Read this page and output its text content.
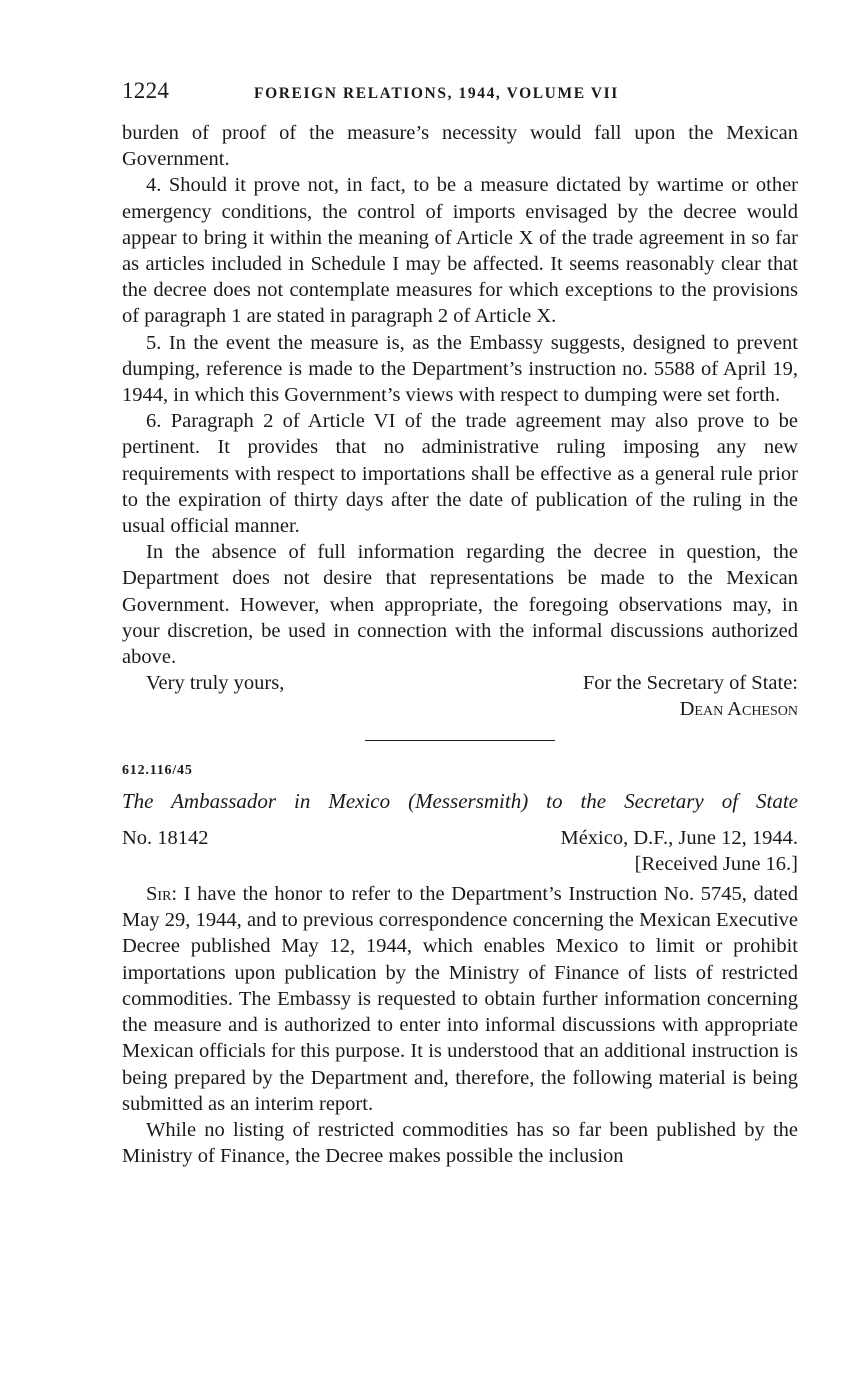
1224	FOREIGN RELATIONS, 1944, VOLUME VII

burden of proof of the measure’s necessity would fall upon the Mexican Government.

4. Should it prove not, in fact, to be a measure dictated by wartime or other emergency conditions, the control of imports envisaged by the decree would appear to bring it within the meaning of Article X of the trade agreement in so far as articles included in Schedule I may be affected. It seems reasonably clear that the decree does not contemplate measures for which exceptions to the provisions of paragraph 1 are stated in paragraph 2 of Article X.

5. In the event the measure is, as the Embassy suggests, designed to prevent dumping, reference is made to the Department’s instruction no. 5588 of April 19, 1944, in which this Government’s views with respect to dumping were set forth.

6. Paragraph 2 of Article VI of the trade agreement may also prove to be pertinent. It provides that no administrative ruling imposing any new requirements with respect to importations shall be effective as a general rule prior to the expiration of thirty days after the date of publication of the ruling in the usual official manner.

In the absence of full information regarding the decree in question, the Department does not desire that representations be made to the Mexican Government. However, when appropriate, the foregoing observations may, in your discretion, be used in connection with the informal discussions authorized above.

Very truly yours,	For the Secretary of State:
Dean Acheson
612.116/45
The Ambassador in Mexico (Messersmith) to the Secretary of State
No. 18142	México, D.F., June 12, 1944.
[Received June 16.]

Sir: I have the honor to refer to the Department’s Instruction No. 5745, dated May 29, 1944, and to previous correspondence concerning the Mexican Executive Decree published May 12, 1944, which enables Mexico to limit or prohibit importations upon publication by the Ministry of Finance of lists of restricted commodities. The Embassy is requested to obtain further information concerning the measure and is authorized to enter into informal discussions with appropriate Mexican officials for this purpose. It is understood that an additional instruction is being prepared by the Department and, therefore, the following material is being submitted as an interim report.

While no listing of restricted commodities has so far been published by the Ministry of Finance, the Decree makes possible the inclusion
